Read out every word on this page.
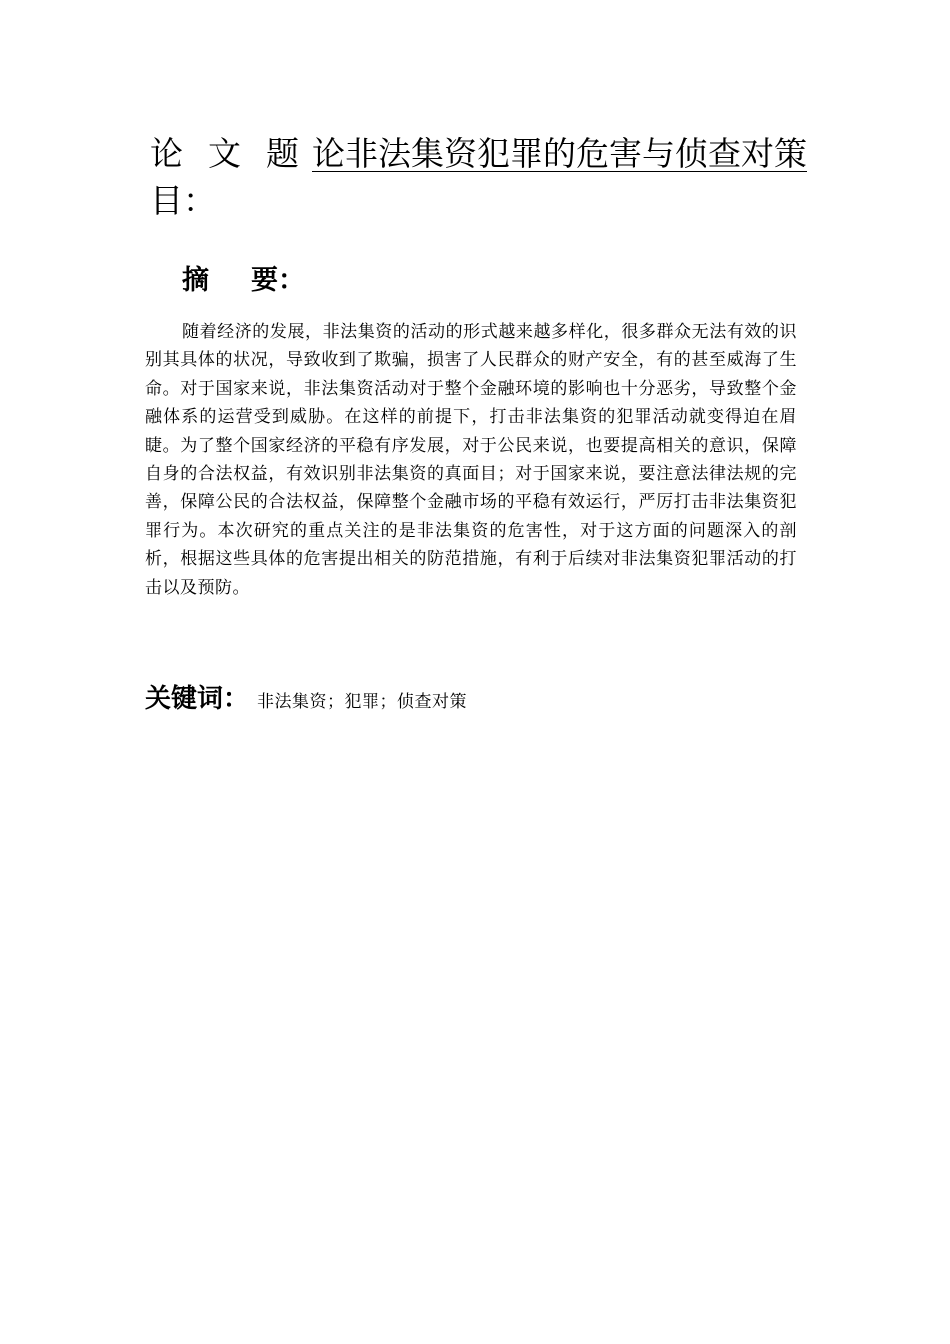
论 文 题 论非法集资犯罪的危害与侦查对策
目：
摘 要：
随着经济的发展，非法集资的活动的形式越来越多样化，很多群众无法有效的识别其具体的状况，导致收到了欺骗，损害了人民群众的财产安全，有的甚至威海了生命。对于国家来说，非法集资活动对于整个金融环境的影响也十分恶劣，导致整个金融体系的运营受到威胁。在这样的前提下，打击非法集资的犯罪活动就变得迫在眉睫。为了整个国家经济的平稳有序发展，对于公民来说，也要提高相关的意识，保障自身的合法权益，有效识别非法集资的真面目；对于国家来说，要注意法律法规的完善，保障公民的合法权益，保障整个金融市场的平稳有效运行，严厉打击非法集资犯罪行为。本次研究的重点关注的是非法集资的危害性，对于这方面的问题深入的剖析，根据这些具体的危害提出相关的防范措施，有利于后续对非法集资犯罪活动的打击以及预防。
关键词： 非法集资；犯罪；侦查对策
